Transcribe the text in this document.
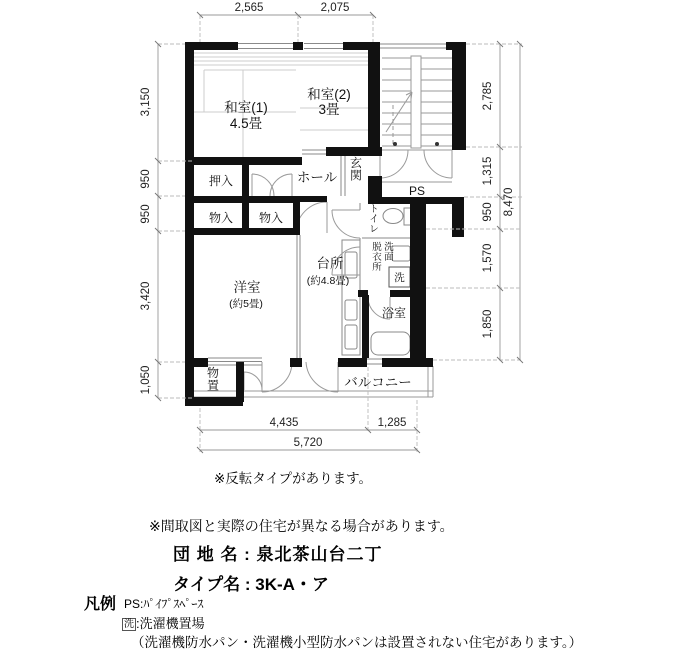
2,565	2,075
3,150
950
950
3,420
1,050
2,785
1,315
950
1,570
1,850
8,470
4,435	1,285
5,720
和室(1)
4.5畳
和室(2)
3畳
押入
物入 物入
ホール
玄関
PS
トイレ
脱衣所
洗面
洗
台所
(約4.8畳)
洋室
(約5畳)
浴室
物置	バルコニー
※反転タイプがあります。
※間取図と実際の住宅が異なる場合があります。
団 地 名 : 泉北茶山台二丁
タイプ名 : 3K-A・ア
凡例 PS:ﾊﾟｲﾌﾟｽﾍﾟｰｽ
洗 :洗濯機置場
（洗濯機防水パン・洗濯機小型防水パンは設置されない住宅があります。）
